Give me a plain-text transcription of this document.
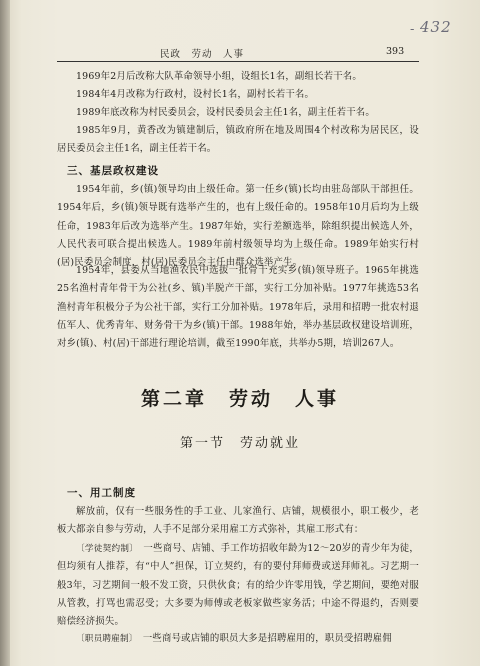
- 432
民政　劳动　人事	393

1969年2月后改称大队革命领导小组，设组长1名，副组长若干名。

1984年4月改称为行政村，设村长1名，副村长若干名。

1989年底改称为村民委员会，设村民委员会主任1名，副主任若干名。

1985年9月，黄香改为镇建制后，镇政府所在地及周围4个村改称为居民区，设居民委员会主任1名，副主任若干名。

三、基层政权建设

1954年前，乡(镇)领导均由上级任命。第一任乡(镇)长均由驻岛部队干部担任。1954年后，乡(镇)领导既有选举产生的，也有上级任命的。1958年10月后均为上级任命，1983年后改为选举产生。1987年始，实行差额选举，除组织提出候选人外，人民代表可联合提出候选人。1989年前村级领导均为上级任命。1989年始实行村(居)民委员会制度，村(居)民委员会主任由群众选举产生。

1954年，县委从当地渔农民中选拔一批骨干充实乡(镇)领导班子。1965年挑选25名渔村青年骨干为公社(乡、镇)半脱产干部，实行工分加补贴。1977年挑选53名渔村青年积极分子为公社干部，实行工分加补贴。1978年后，录用和招聘一批农村退伍军人、优秀青年、财务骨干为乡(镇)干部。1988年始，举办基层政权建设培训班，对乡(镇)、村(居)干部进行理论培训，截至1990年底，共举办5期，培训267人。

第二章　劳动　人事
第一节　劳动就业
一、用工制度

解放前，仅有一些服务性的手工业、儿家渔行、店铺，规模很小，职工极少，老板大都亲自参与劳动，人手不足部分采用雇工方式弥补，其雇工形式有：

〔学徒契约制〕　 一些商号、店铺、手工作坊招收年龄为12～20岁的青少年为徒，但均须有人推荐，有“中人”担保，订立契约，有的要付拜师费或送拜师礼。习艺期一般3年，习艺期间一般不发工资，只供伙食；有的给少许零用钱，学艺期间，要绝对服从管教，打骂也需忍受；大多要为师傅或老板家做些家务活；中途不得退约，否则要赔偿经济损失。

〔职员聘雇制〕　 一些商号或店铺的职员大多是招聘雇用的，职员受招聘雇佣
